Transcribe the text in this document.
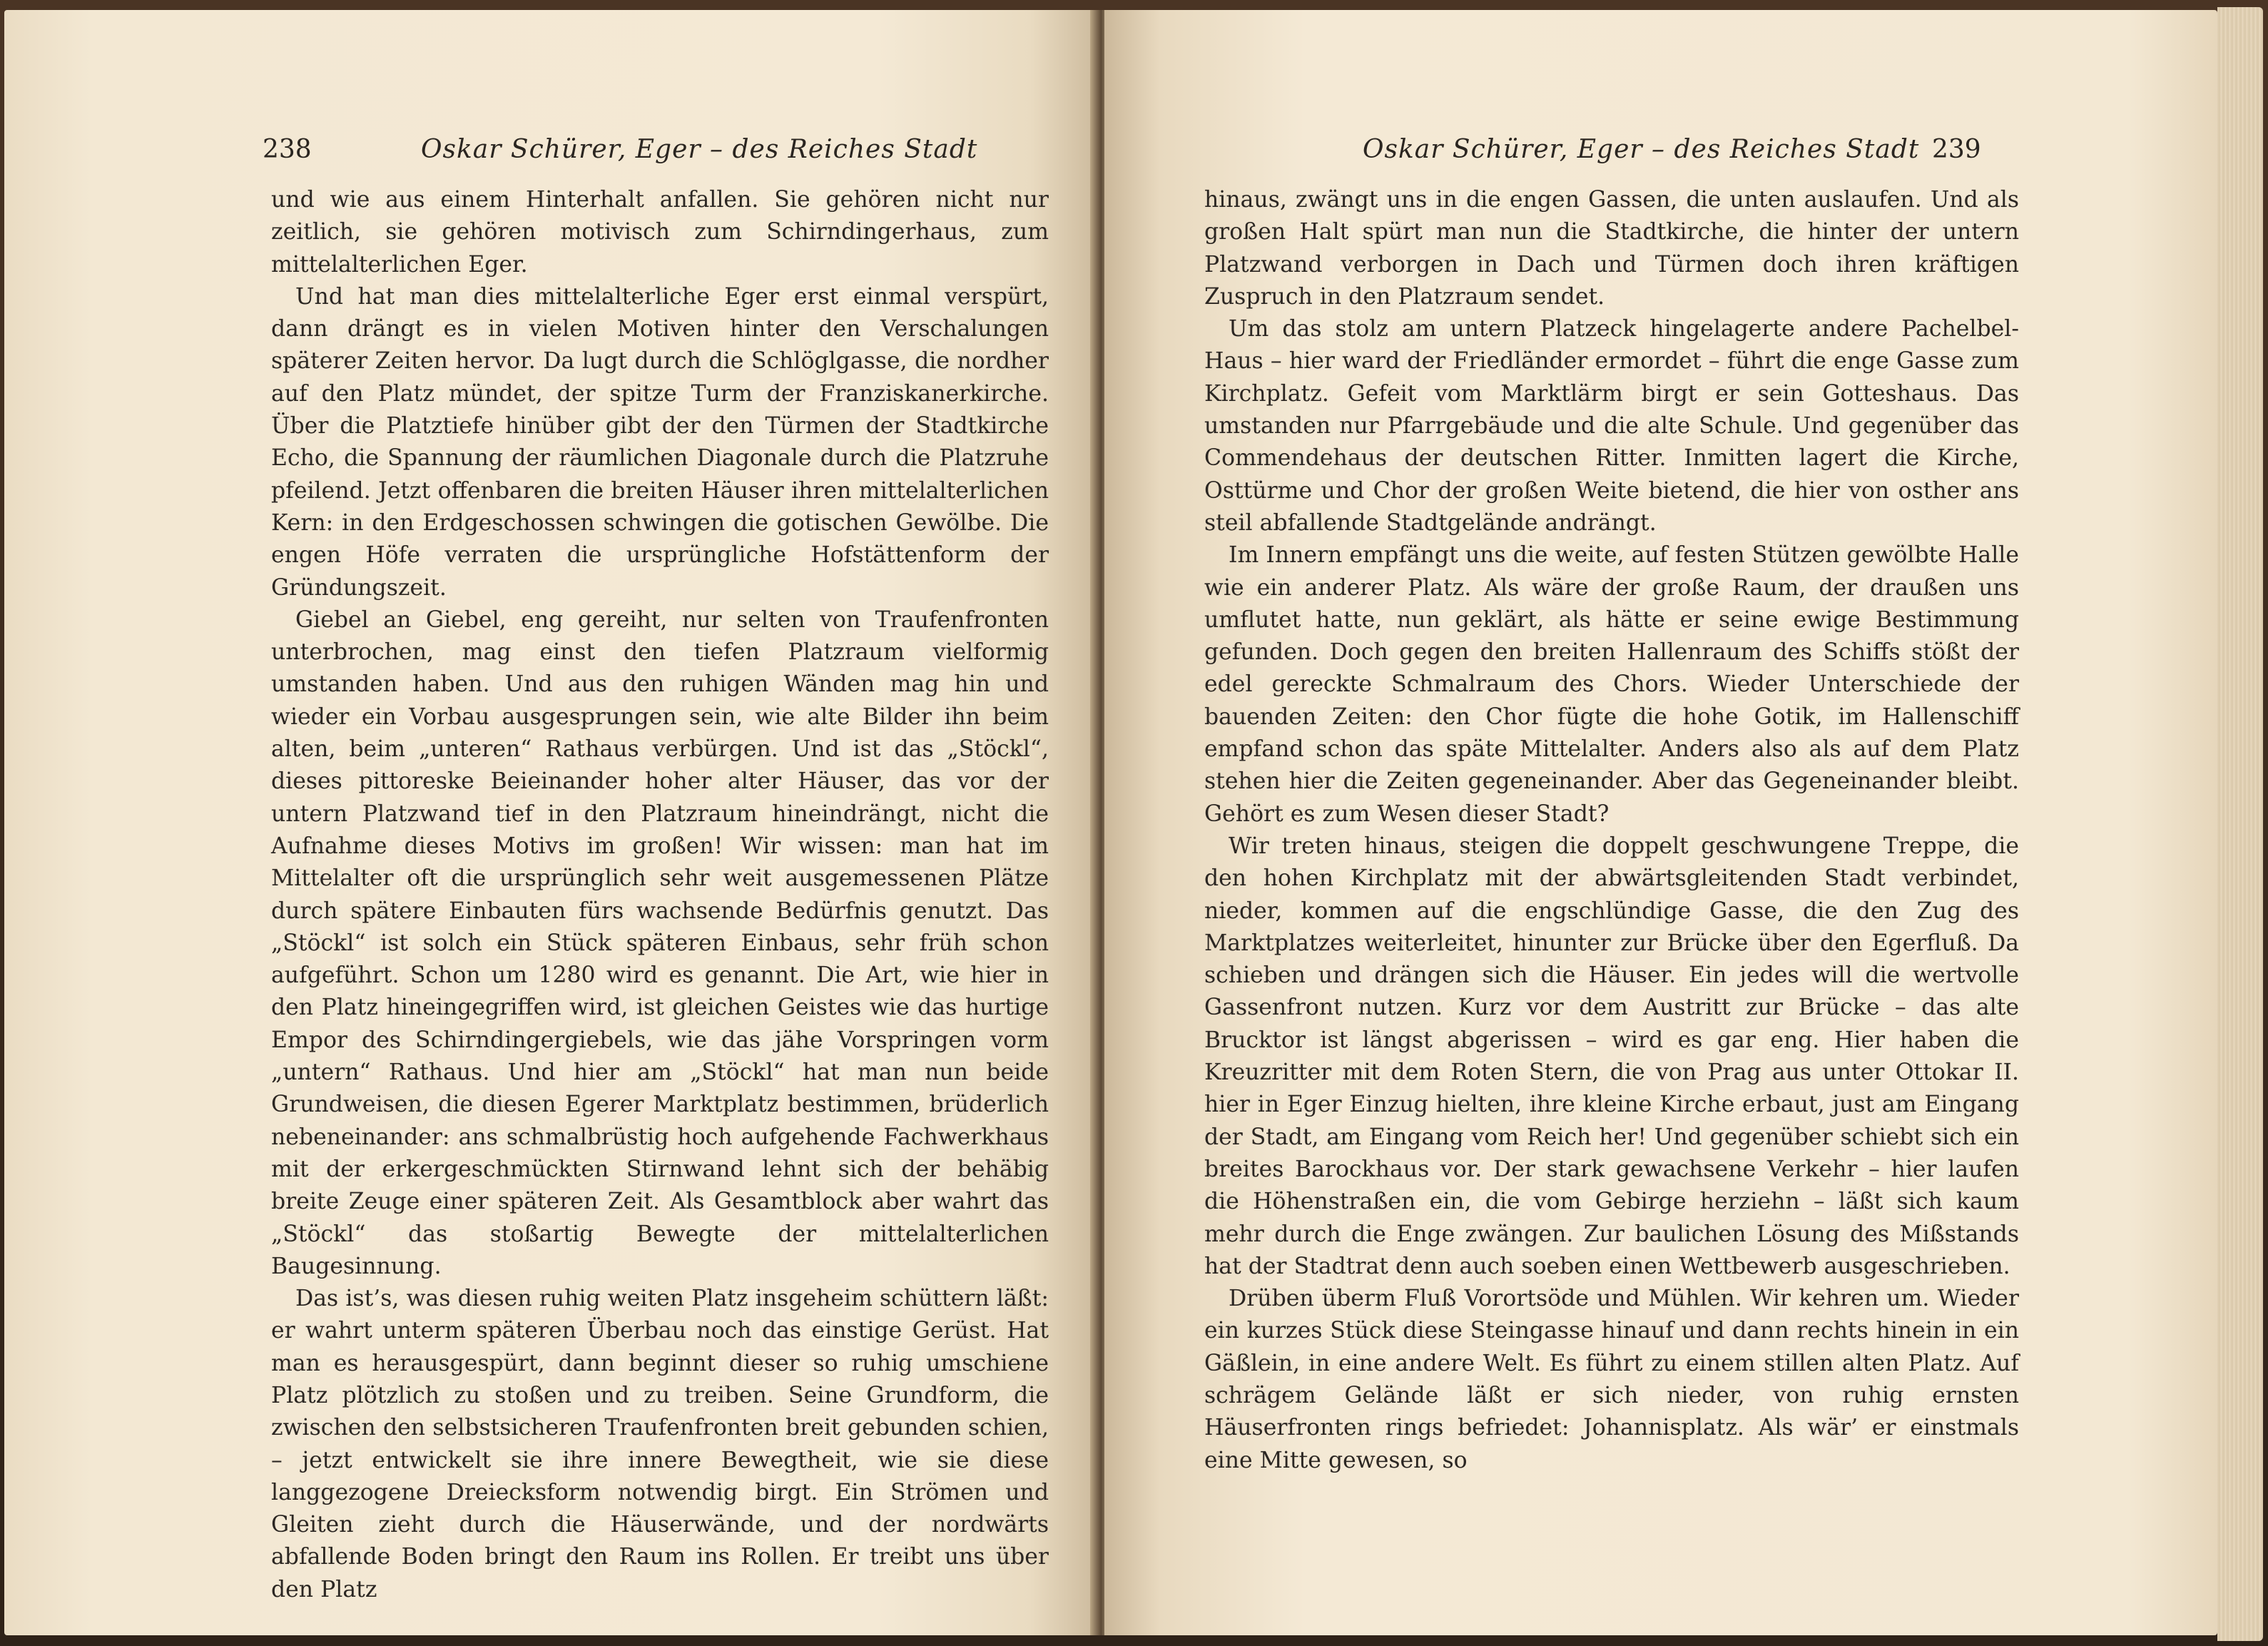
238	Oskar Schürer, Eger – des Reiches Stadt

und wie aus einem Hinterhalt anfallen. Sie gehören nicht nur zeitlich, sie gehören motivisch zum Schirndingerhaus, zum mittelalterlichen Eger.

Und hat man dies mittelalterliche Eger erst einmal verspürt, dann drängt es in vielen Motiven hinter den Verschalungen späterer Zeiten hervor. Da lugt durch die Schlöglgasse, die nordher auf den Platz mündet, der spitze Turm der Franziskanerkirche. Über die Platztiefe hinüber gibt der den Türmen der Stadtkirche Echo, die Spannung der räumlichen Diagonale durch die Platzruhe pfeilend. Jetzt offenbaren die breiten Häuser ihren mittelalterlichen Kern: in den Erdgeschossen schwingen die gotischen Gewölbe. Die engen Höfe verraten die ursprüngliche Hofstättenform der Gründungszeit.

Giebel an Giebel, eng gereiht, nur selten von Traufenfronten unterbrochen, mag einst den tiefen Platzraum vielformig umstanden haben. Und aus den ruhigen Wänden mag hin und wieder ein Vorbau ausgesprungen sein, wie alte Bilder ihn beim alten, beim „unteren“ Rathaus verbürgen. Und ist das „Stöckl“, dieses pittoreske Beieinander hoher alter Häuser, das vor der untern Platzwand tief in den Platzraum hineindrängt, nicht die Aufnahme dieses Motivs im großen! Wir wissen: man hat im Mittelalter oft die ursprünglich sehr weit ausgemessenen Plätze durch spätere Einbauten fürs wachsende Bedürfnis genutzt. Das „Stöckl“ ist solch ein Stück späteren Einbaus, sehr früh schon aufgeführt. Schon um 1280 wird es genannt. Die Art, wie hier in den Platz hineingegriffen wird, ist gleichen Geistes wie das hurtige Empor des Schirndingergiebels, wie das jähe Vorspringen vorm „untern“ Rathaus. Und hier am „Stöckl“ hat man nun beide Grundweisen, die diesen Egerer Marktplatz bestimmen, brüderlich nebeneinander: ans schmalbrüstig hoch aufgehende Fachwerkhaus mit der erkergeschmückten Stirnwand lehnt sich der behäbig breite Zeuge einer späteren Zeit. Als Gesamtblock aber wahrt das „Stöckl“ das stoßartig Bewegte der mittelalterlichen Baugesinnung.

Das ist’s, was diesen ruhig weiten Platz insgeheim schüttern läßt: er wahrt unterm späteren Überbau noch das einstige Gerüst. Hat man es herausgespürt, dann beginnt dieser so ruhig umschiene Platz plötzlich zu stoßen und zu treiben. Seine Grundform, die zwischen den selbstsicheren Traufenfronten breit gebunden schien, – jetzt entwickelt sie ihre innere Bewegtheit, wie sie diese langgezogene Dreiecksform notwendig birgt. Ein Strömen und Gleiten zieht durch die Häuserwände, und der nordwärts abfallende Boden bringt den Raum ins Rollen. Er treibt uns über den Platz

Oskar Schürer, Eger – des Reiches Stadt 239

hinaus, zwängt uns in die engen Gassen, die unten auslaufen. Und als großen Halt spürt man nun die Stadtkirche, die hinter der untern Platzwand verborgen in Dach und Türmen doch ihren kräftigen Zuspruch in den Platzraum sendet.

Um das stolz am untern Platzeck hingelagerte andere Pachelbel-Haus – hier ward der Friedländer ermordet – führt die enge Gasse zum Kirchplatz. Gefeit vom Marktlärm birgt er sein Gotteshaus. Das umstanden nur Pfarrgebäude und die alte Schule. Und gegenüber das Commendehaus der deutschen Ritter. Inmitten lagert die Kirche, Osttürme und Chor der großen Weite bietend, die hier von osther ans steil abfallende Stadtgelände andrängt.

Im Innern empfängt uns die weite, auf festen Stützen gewölbte Halle wie ein anderer Platz. Als wäre der große Raum, der draußen uns umflutet hatte, nun geklärt, als hätte er seine ewige Bestimmung gefunden. Doch gegen den breiten Hallenraum des Schiffs stößt der edel gereckte Schmalraum des Chors. Wieder Unterschiede der bauenden Zeiten: den Chor fügte die hohe Gotik, im Hallenschiff empfand schon das späte Mittelalter. Anders also als auf dem Platz stehen hier die Zeiten gegeneinander. Aber das Gegeneinander bleibt. Gehört es zum Wesen dieser Stadt?

Wir treten hinaus, steigen die doppelt geschwungene Treppe, die den hohen Kirchplatz mit der abwärtsgleitenden Stadt verbindet, nieder, kommen auf die engschlündige Gasse, die den Zug des Marktplatzes weiterleitet, hinunter zur Brücke über den Egerfluß. Da schieben und drängen sich die Häuser. Ein jedes will die wertvolle Gassenfront nutzen. Kurz vor dem Austritt zur Brücke – das alte Brucktor ist längst abgerissen – wird es gar eng. Hier haben die Kreuzritter mit dem Roten Stern, die von Prag aus unter Ottokar II. hier in Eger Einzug hielten, ihre kleine Kirche erbaut, just am Eingang der Stadt, am Eingang vom Reich her! Und gegenüber schiebt sich ein breites Barockhaus vor. Der stark gewachsene Verkehr – hier laufen die Höhenstraßen ein, die vom Gebirge herziehn – läßt sich kaum mehr durch die Enge zwängen. Zur baulichen Lösung des Mißstands hat der Stadtrat denn auch soeben einen Wettbewerb ausgeschrieben.

Drüben überm Fluß Vorortsöde und Mühlen. Wir kehren um. Wieder ein kurzes Stück diese Steingasse hinauf und dann rechts hinein in ein Gäßlein, in eine andere Welt. Es führt zu einem stillen alten Platz. Auf schrägem Gelände läßt er sich nieder, von ruhig ernsten Häuserfronten rings befriedet: Johannisplatz. Als wär’ er einstmals eine Mitte gewesen, so
